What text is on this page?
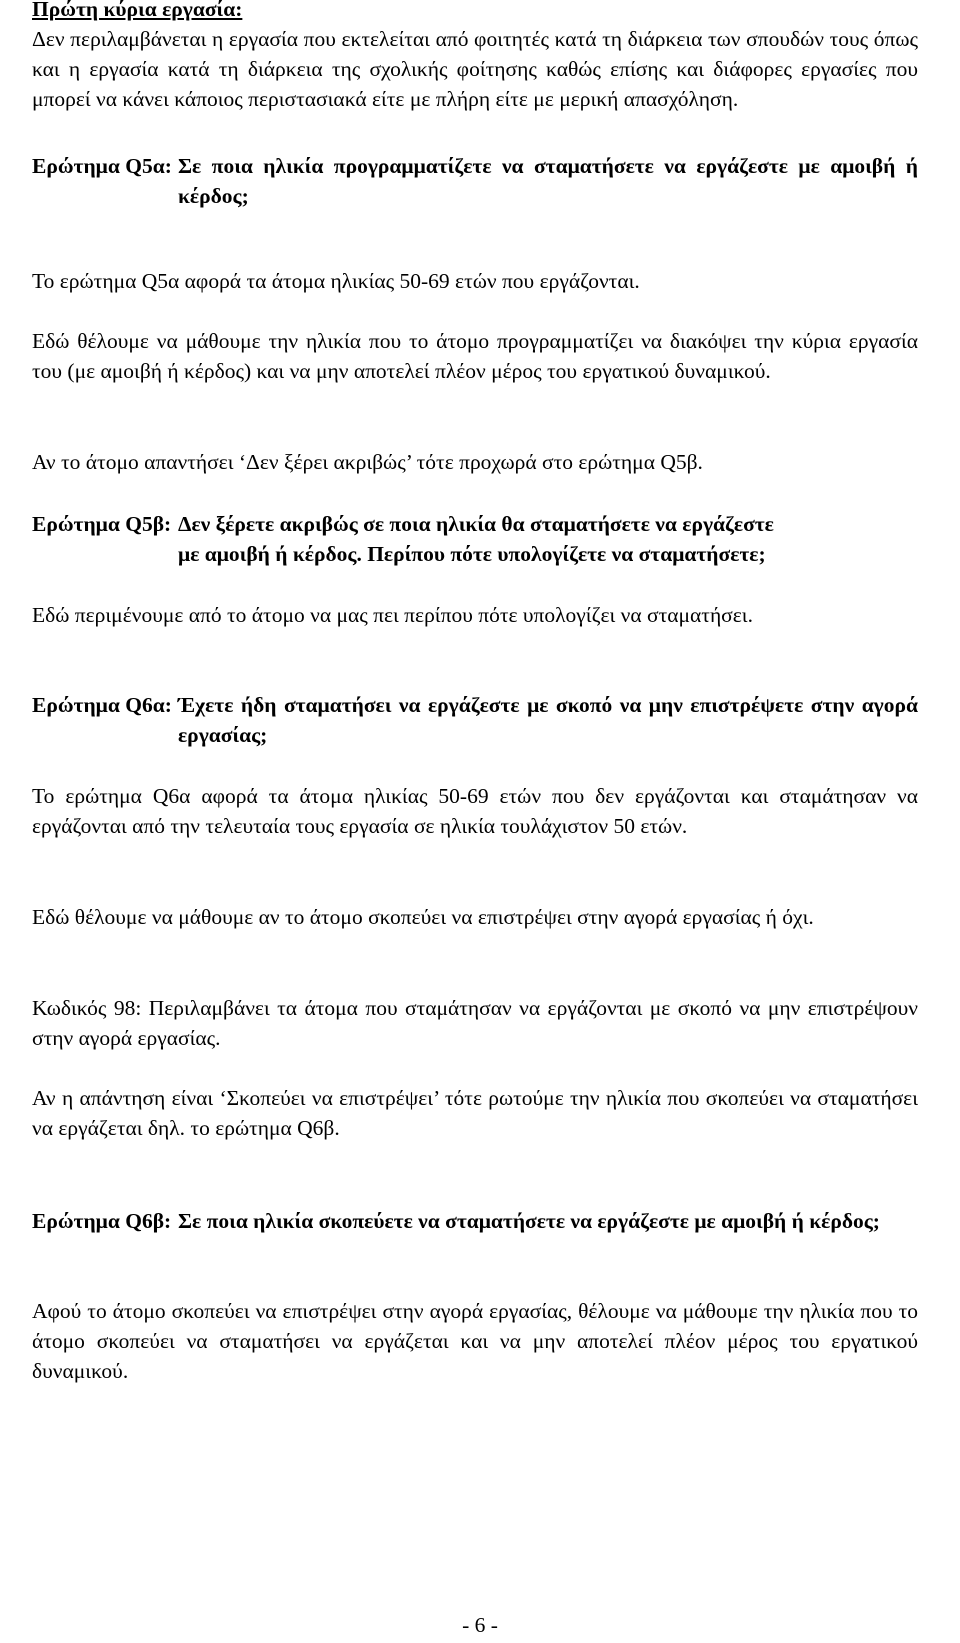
Πρώτη κύρια εργασία:

Δεν περιλαμβάνεται η εργασία που εκτελείται από φοιτητές κατά τη διάρκεια των σπουδών τους όπως και η εργασία κατά τη διάρκεια της σχολικής φοίτησης καθώς επίσης και διάφορες εργασίες που μπορεί να κάνει κάποιος περιστασιακά είτε με πλήρη είτε με μερική απασχόληση.

Ερώτημα Q5α: Σε ποια ηλικία προγραμματίζετε να σταματήσετε να εργάζεστε με αμοιβή ή κέρδος;

Το ερώτημα Q5α αφορά τα άτομα ηλικίας 50-69 ετών που εργάζονται.

Εδώ θέλουμε να μάθουμε την ηλικία που το άτομο προγραμματίζει να διακόψει την κύρια εργασία του (με αμοιβή ή κέρδος) και να μην αποτελεί πλέον μέρος του εργατικού δυναμικού.

Αν το άτομο απαντήσει ‘Δεν ξέρει ακριβώς’ τότε προχωρά στο ερώτημα Q5β.

Ερώτημα Q5β: Δεν ξέρετε ακριβώς σε ποια ηλικία θα σταματήσετε να εργάζεστε
με αμοιβή ή κέρδος. Περίπου πότε υπολογίζετε να σταματήσετε;

Εδώ περιμένουμε από το άτομο να μας πει περίπου πότε υπολογίζει να σταματήσει.

Ερώτημα Q6α: Έχετε ήδη σταματήσει να εργάζεστε με σκοπό να μην επιστρέψετε στην αγορά εργασίας;

Το ερώτημα Q6α αφορά τα άτομα ηλικίας 50-69 ετών που δεν εργάζονται και σταμάτησαν να εργάζονται από την τελευταία τους εργασία σε ηλικία τουλάχιστον 50 ετών.

Εδώ θέλουμε να μάθουμε αν το άτομο σκοπεύει να επιστρέψει στην αγορά εργασίας ή όχι.

Κωδικός 98: Περιλαμβάνει τα άτομα που σταμάτησαν να εργάζονται με σκοπό να μην επιστρέψουν στην αγορά εργασίας.

Αν η απάντηση είναι ‘Σκοπεύει να επιστρέψει’ τότε ρωτούμε την ηλικία που σκοπεύει να σταματήσει να εργάζεται δηλ. το ερώτημα Q6β.

Ερώτημα Q6β: Σε ποια ηλικία σκοπεύετε να σταματήσετε να εργάζεστε με αμοιβή ή κέρδος;

Αφού το άτομο σκοπεύει να επιστρέψει στην αγορά εργασίας, θέλουμε να μάθουμε την ηλικία που το άτομο σκοπεύει να σταματήσει να εργάζεται και να μην αποτελεί πλέον μέρος του εργατικού δυναμικού.

- 6 -
